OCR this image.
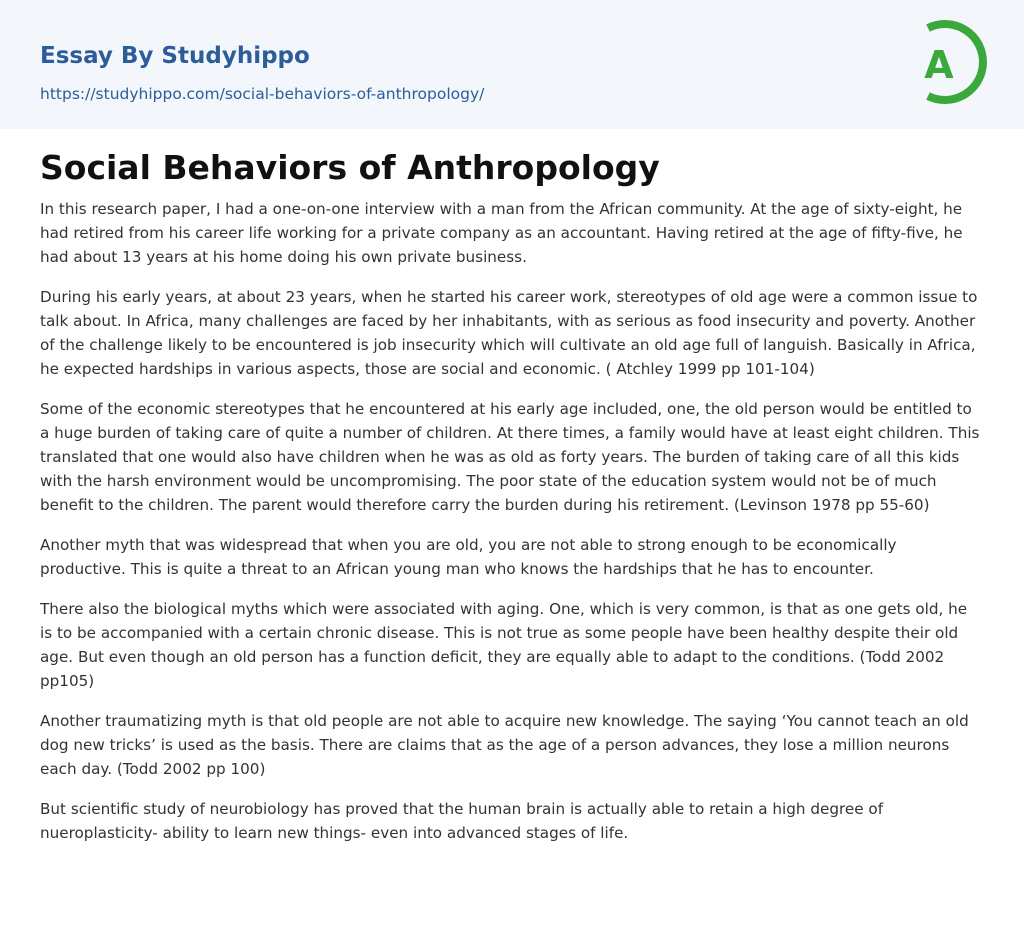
Essay By Studyhippo
https://studyhippo.com/social-behaviors-of-anthropology/
A
Social Behaviors of Anthropology

In this research paper, I had a one-on-one interview with a man from the African community. At the age of sixty-eight, he had retired from his career life working for a private company as an accountant. Having retired at the age of fifty-five, he had about 13 years at his home doing his own private business.

During his early years, at about 23 years, when he started his career work, stereotypes of old age were a common issue to talk about. In Africa, many challenges are faced by her inhabitants, with as serious as food insecurity and poverty. Another of the challenge likely to be encountered is job insecurity which will cultivate an old age full of languish. Basically in Africa, he expected hardships in various aspects, those are social and economic. ( Atchley 1999 pp 101-104)

Some of the economic stereotypes that he encountered at his early age included, one, the old person would be entitled to a huge burden of taking care of quite a number of children. At there times, a family would have at least eight children. This translated that one would also have children when he was as old as forty years. The burden of taking care of all this kids with the harsh environment would be uncompromising. The poor state of the education system would not be of much benefit to the children. The parent would therefore carry the burden during his retirement. (Levinson 1978 pp 55-60)

Another myth that was widespread that when you are old, you are not able to strong enough to be economically productive. This is quite a threat to an African young man who knows the hardships that he has to encounter.

There also the biological myths which were associated with aging. One, which is very common, is that as one gets old, he is to be accompanied with a certain chronic disease. This is not true as some people have been healthy despite their old age. But even though an old person has a function deficit, they are equally able to adapt to the conditions. (Todd 2002 pp105)

Another traumatizing myth is that old people are not able to acquire new knowledge. The saying ‘You cannot teach an old dog new tricks’ is used as the basis. There are claims that as the age of a person advances, they lose a million neurons each day. (Todd 2002 pp 100)

But scientific study of neurobiology has proved that the human brain is actually able to retain a high degree of nueroplasticity- ability to learn new things- even into advanced stages of life.
